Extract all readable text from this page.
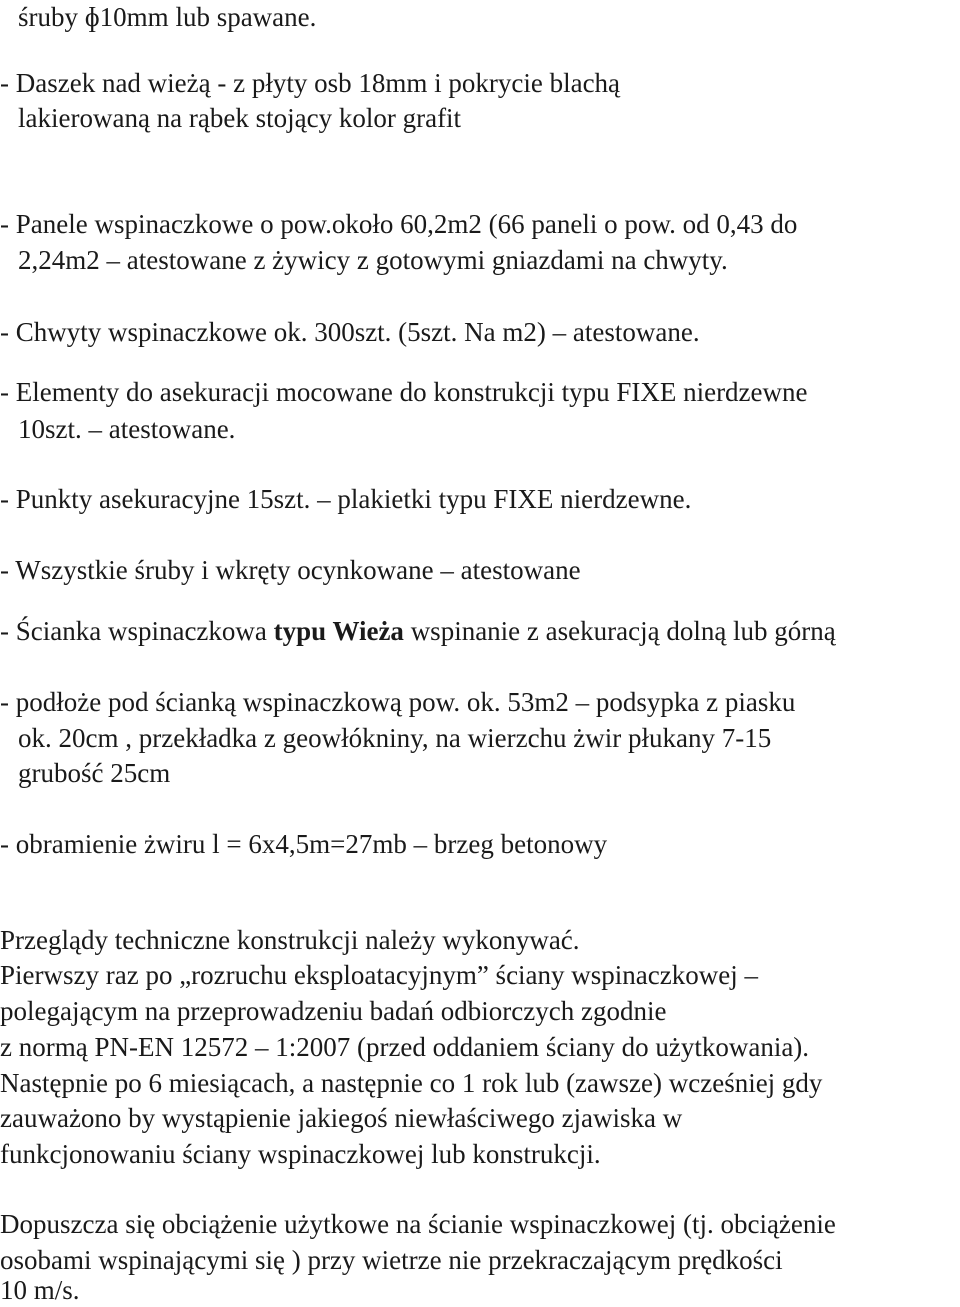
śruby ɸ10mm lub spawane.
- Daszek nad wieżą - z płyty osb 18mm i pokrycie blachą
lakierowaną na rąbek stojący kolor grafit
- Panele wspinaczkowe o pow.około 60,2m2 (66 paneli o pow. od 0,43 do
2,24m2 – atestowane z żywicy z gotowymi gniazdami na chwyty.
- Chwyty wspinaczkowe ok. 300szt. (5szt. Na m2) – atestowane.
- Elementy do asekuracji mocowane do konstrukcji typu FIXE nierdzewne
10szt. – atestowane.
- Punkty asekuracyjne 15szt. – plakietki typu FIXE nierdzewne.
- Wszystkie śruby i wkręty ocynkowane – atestowane
- Ścianka wspinaczkowa typu Wieża wspinanie z asekuracją dolną lub górną
- podłoże pod ścianką wspinaczkową pow. ok. 53m2 – podsypka z piasku
ok. 20cm , przekładka z geowłókniny, na wierzchu żwir płukany 7-15
grubość 25cm
- obramienie żwiru l = 6x4,5m=27mb – brzeg betonowy
Przeglądy techniczne konstrukcji należy wykonywać.
Pierwszy raz po „rozruchu eksploatacyjnym” ściany wspinaczkowej –
polegającym na przeprowadzeniu badań odbiorczych zgodnie
z normą PN-EN 12572 – 1:2007 (przed oddaniem ściany do użytkowania).
Następnie po 6 miesiącach, a następnie co 1 rok lub (zawsze) wcześniej gdy
zauważono by wystąpienie jakiegoś niewłaściwego zjawiska w
funkcjonowaniu ściany wspinaczkowej lub konstrukcji.
Dopuszcza się obciążenie użytkowe na ścianie wspinaczkowej (tj. obciążenie
osobami wspinającymi się ) przy wietrze nie przekraczającym prędkości
10 m/s.
